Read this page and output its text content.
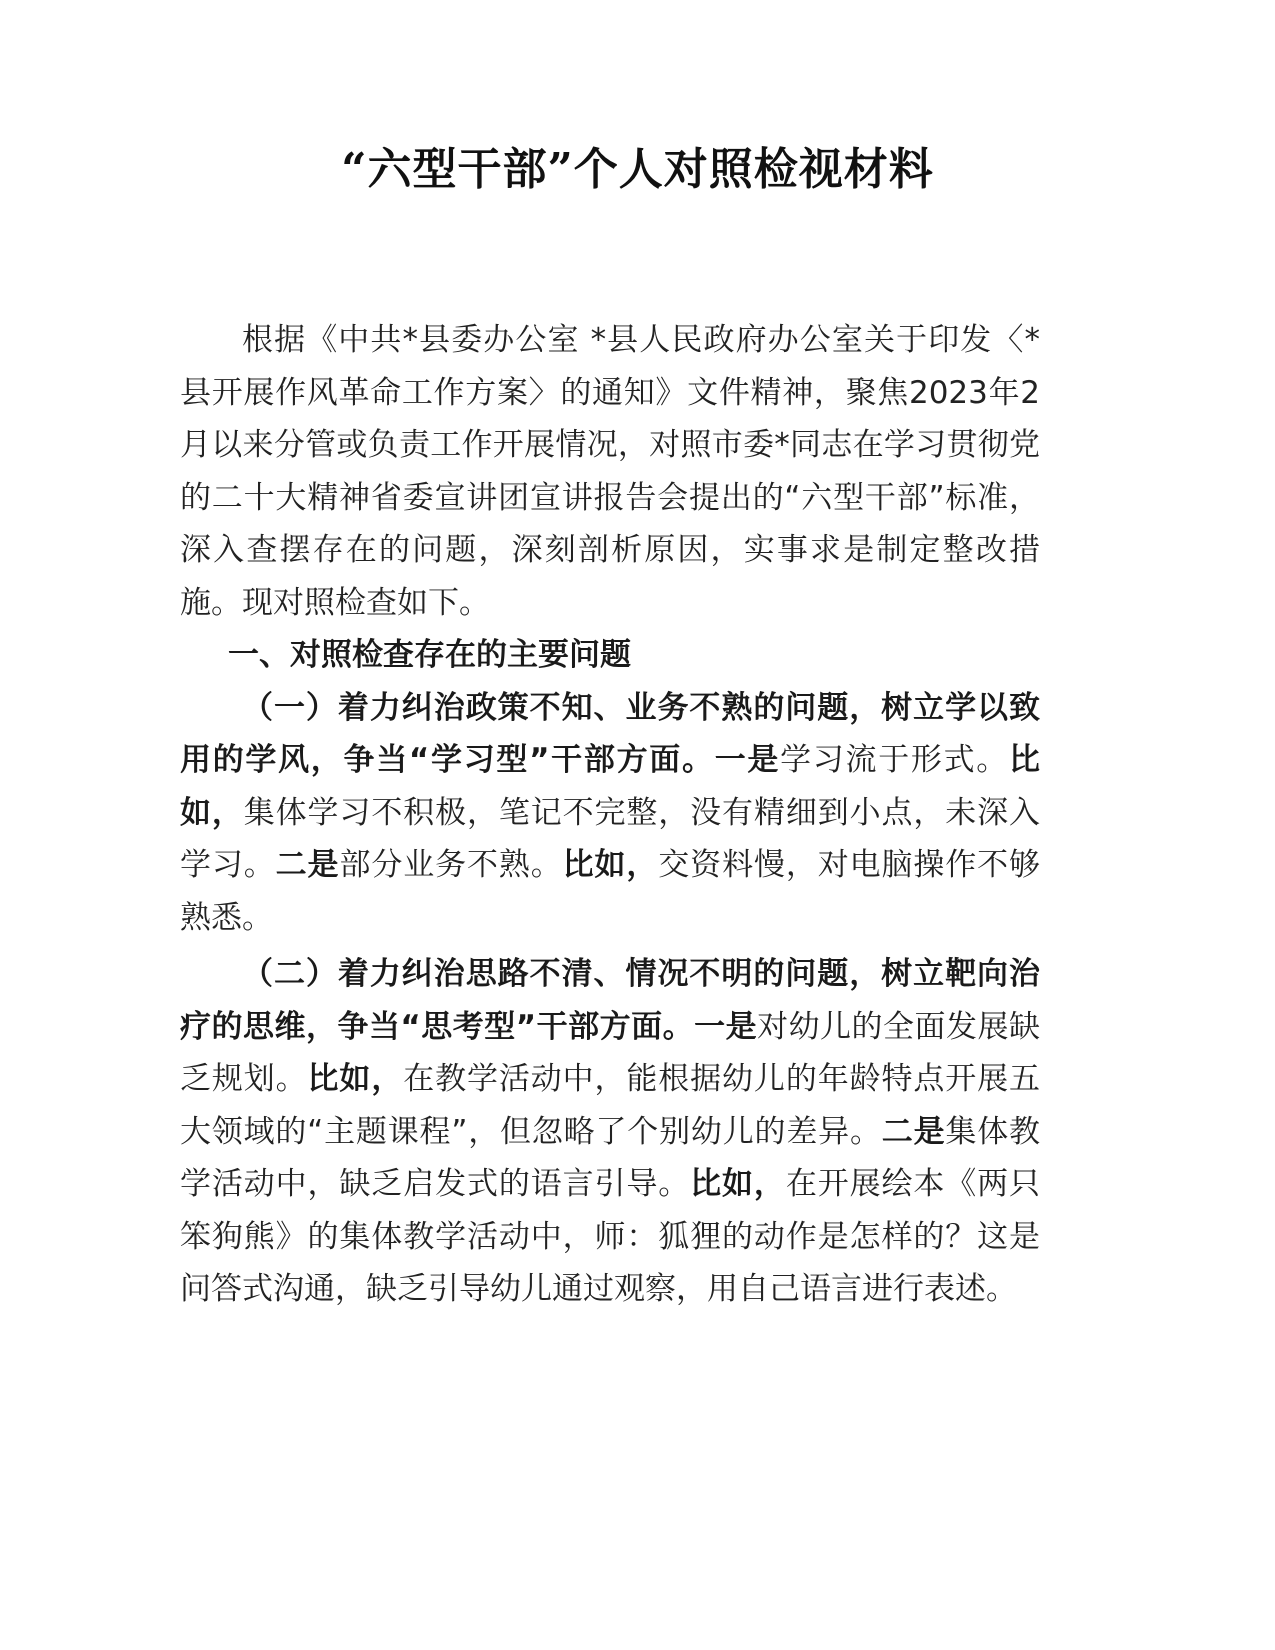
“六型干部”个人对照检视材料

根据《中共*县委办公室 *县人民政府办公室关于印发〈*县开展作风革命工作方案〉的通知》文件精神，聚焦2023年2月以来分管或负责工作开展情况，对照市委*同志在学习贯彻党的二十大精神省委宣讲团宣讲报告会提出的“六型干部”标准，深入查摆存在的问题，深刻剖析原因，实事求是制定整改措施。现对照检查如下。

一、对照检查存在的主要问题

（一）着力纠治政策不知、业务不熟的问题，树立学以致用的学风，争当“学习型”干部方面。一是学习流于形式。比如，集体学习不积极，笔记不完整，没有精细到小点，未深入学习。二是部分业务不熟。比如，交资料慢，对电脑操作不够熟悉。

（二）着力纠治思路不清、情况不明的问题，树立靶向治疗的思维，争当“思考型”干部方面。一是对幼儿的全面发展缺乏规划。比如，在教学活动中，能根据幼儿的年龄特点开展五大领域的“主题课程”，但忽略了个别幼儿的差异。二是集体教学活动中，缺乏启发式的语言引导。比如，在开展绘本《两只笨狗熊》的集体教学活动中，师：狐狸的动作是怎样的？这是问答式沟通，缺乏引导幼儿通过观察，用自己语言进行表述。
